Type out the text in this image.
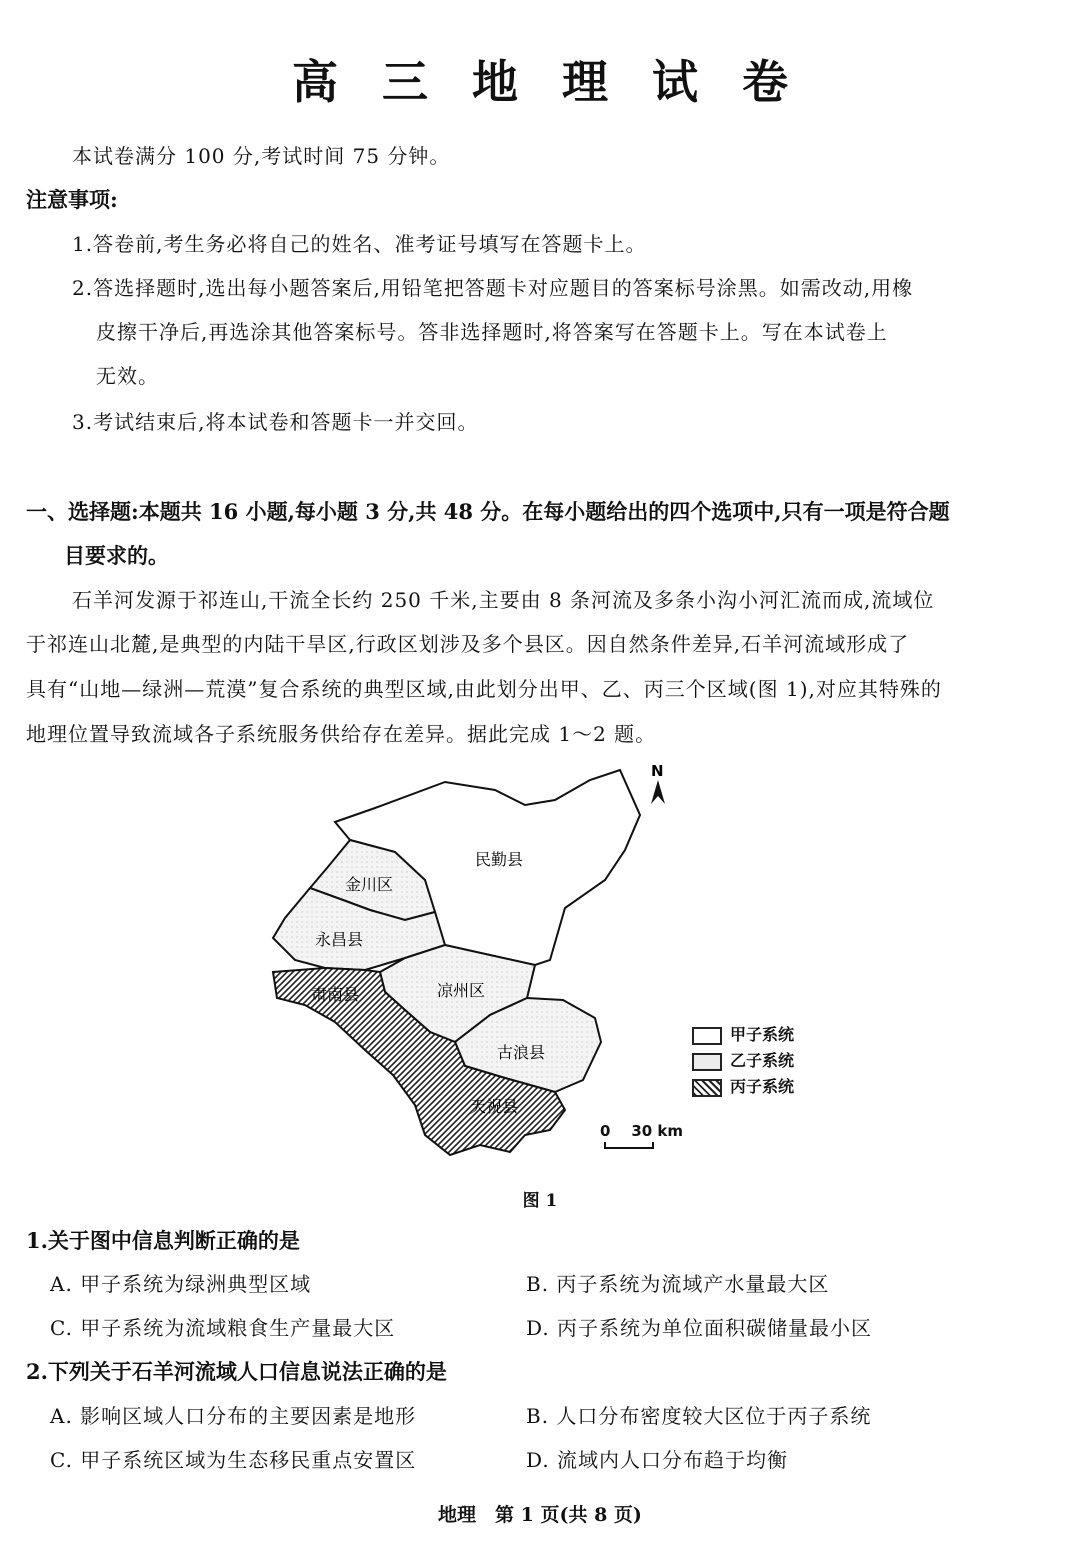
高三地理试卷
本试卷满分 100 分,考试时间 75 分钟。
注意事项:
1.答卷前,考生务必将自己的姓名、准考证号填写在答题卡上。
2.答选择题时,选出每小题答案后,用铅笔把答题卡对应题目的答案标号涂黑。如需改动,用橡
皮擦干净后,再选涂其他答案标号。答非选择题时,将答案写在答题卡上。写在本试卷上
无效。
3.考试结束后,将本试卷和答题卡一并交回。
一、选择题:本题共 16 小题,每小题 3 分,共 48 分。在每小题给出的四个选项中,只有一项是符合题
目要求的。
石羊河发源于祁连山,干流全长约 250 千米,主要由 8 条河流及多条小沟小河汇流而成,流域位
于祁连山北麓,是典型的内陆干旱区,行政区划涉及多个县区。因自然条件差异,石羊河流域形成了
具有“山地—绿洲—荒漠”复合系统的典型区域,由此划分出甲、乙、丙三个区域(图 1),对应其特殊的
地理位置导致流域各子系统服务供给存在差异。据此完成 1～2 题。
N
民勤县
金川区
永昌县
肃南县	凉州区
古浪县
天祝县
甲子系统
乙子系统
丙子系统
0    30 km
图 1
1.关于图中信息判断正确的是
A. 甲子系统为绿洲典型区域	B. 丙子系统为流域产水量最大区
C. 甲子系统为流域粮食生产量最大区	D. 丙子系统为单位面积碳储量最小区
2.下列关于石羊河流域人口信息说法正确的是
A. 影响区域人口分布的主要因素是地形	B. 人口分布密度较大区位于丙子系统
C. 甲子系统区域为生态移民重点安置区	D. 流域内人口分布趋于均衡
地理　第 1 页(共 8 页)
